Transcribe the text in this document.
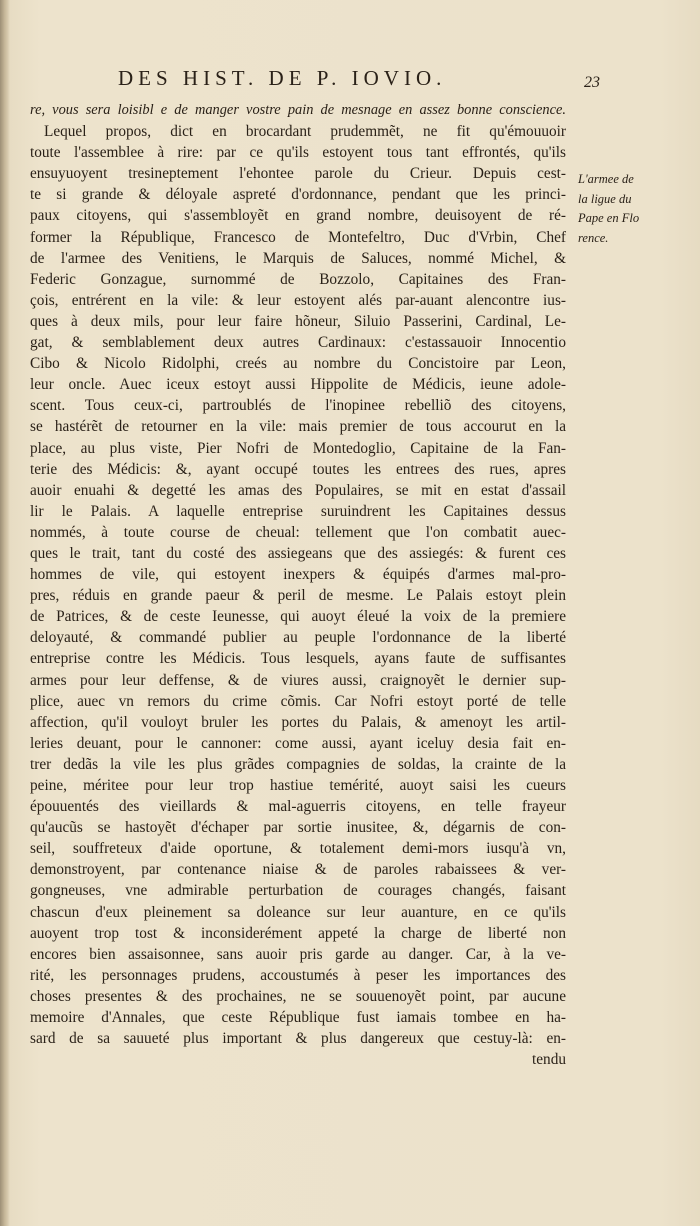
DES HIST. DE P. IOVIO.	23
re, vous sera loisibl e de manger vostre pain de mesnage en assez bonne conscience.
Lequel propos, dict en brocardant prudemmẽt, ne fit qu'émouuoir
toute l'assemblee à rire: par ce qu'ils estoyent tous tant effrontés, qu'ils
ensuyuoyent tresineptement l'ehontee parole du Crieur. Depuis cest-
te si grande & déloyale aspreté d'ordonnance, pendant que les princi-
paux citoyens, qui s'assembloyẽt en grand nombre, deuisoyent de ré-
former la République, Francesco de Montefeltro, Duc d'Vrbin, Chef
de l'armee des Venitiens, le Marquis de Saluces, nommé Michel, &
Federic Gonzague, surnommé de Bozzolo, Capitaines des Fran-
çois, entrérent en la vile: & leur estoyent alés par-auant alencontre ius-
ques à deux mils, pour leur faire hõneur, Siluio Passerini, Cardinal, Le-
gat, & semblablement deux autres Cardinaux: c'estassauoir Innocentio
Cibo & Nicolo Ridolphi, creés au nombre du Concistoire par Leon,
leur oncle. Auec iceux estoyt aussi Hippolite de Médicis, ieune adole-
scent. Tous ceux-ci, partroublés de l'inopinee rebelliõ des citoyens,
se hastérẽt de retourner en la vile: mais premier de tous accourut en la
place, au plus viste, Pier Nofri de Montedoglio, Capitaine de la Fan-
terie des Médicis: &, ayant occupé toutes les entrees des rues, apres
auoir enuahi & degetté les amas des Populaires, se mit en estat d'assail
lir le Palais. A laquelle entreprise suruindrent les Capitaines dessus
nommés, à toute course de cheual: tellement que l'on combatit auec-
ques le trait, tant du costé des assiegeans que des assiegés: & furent ces
hommes de vile, qui estoyent inexpers & équipés d'armes mal-pro-
pres, réduis en grande paeur & peril de mesme. Le Palais estoyt plein
de Patrices, & de ceste Ieunesse, qui auoyt éleué la voix de la premiere
deloyauté, & commandé publier au peuple l'ordonnance de la liberté
entreprise contre les Médicis. Tous lesquels, ayans faute de suffisantes
armes pour leur deffense, & de viures aussi, craignoyẽt le dernier sup-
plice, auec vn remors du crime cõmis. Car Nofri estoyt porté de telle
affection, qu'il vouloyt bruler les portes du Palais, & amenoyt les artil-
leries deuant, pour le cannoner: come aussi, ayant iceluy desia fait en-
trer dedãs la vile les plus grãdes compagnies de soldas, la crainte de la
peine, méritee pour leur trop hastiue temérité, auoyt saisi les cueurs
épouuentés des vieillards & mal-aguerris citoyens, en telle frayeur
qu'aucũs se hastoyẽt d'échaper par sortie inusitee, &, dégarnis de con-
seil, souffreteux d'aide oportune, & totalement demi-mors iusqu'à vn,
demonstroyent, par contenance niaise & de paroles rabaissees & ver-
gongneuses, vne admirable perturbation de courages changés, faisant
chascun d'eux pleinement sa doleance sur leur auanture, en ce qu'ils
auoyent trop tost & inconsiderément appeté la charge de liberté non
encores bien assaisonnee, sans auoir pris garde au danger. Car, à la ve-
rité, les personnages prudens, accoustumés à peser les importances des
choses presentes & des prochaines, ne se souuenoyẽt point, par aucune
memoire d'Annales, que ceste République fust iamais tombee en ha-
sard de sa sauueté plus important & plus dangereux que cestuy-là: en-
tendu
L'armee de
la ligue du
Pape en Flo
rence.
